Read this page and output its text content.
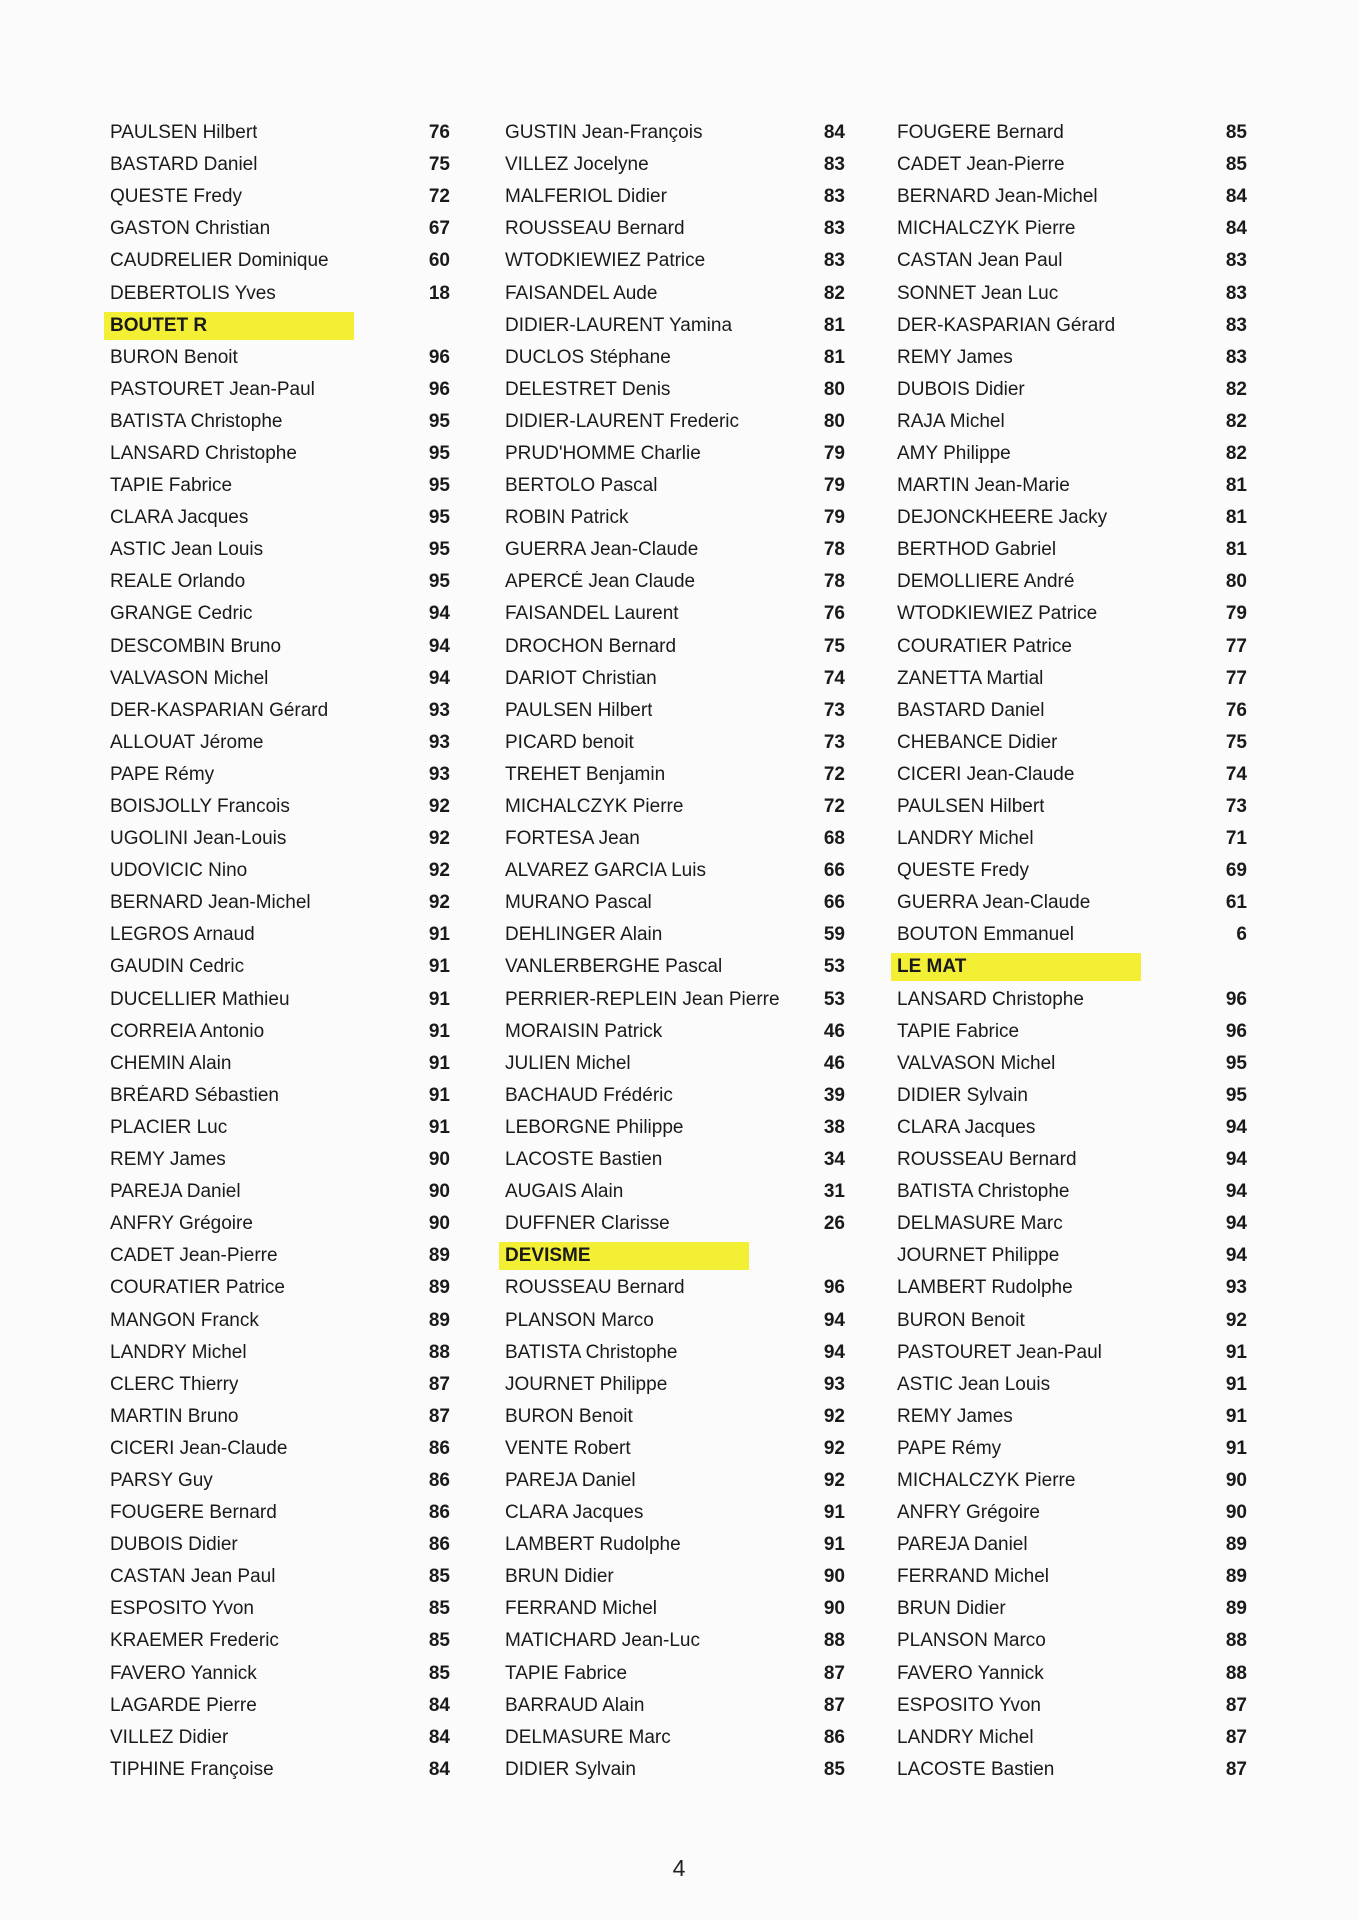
PAULSEN Hilbert	76
BASTARD Daniel	75
QUESTE Fredy	72
GASTON Christian	67
CAUDRELIER Dominique	60
DEBERTOLIS Yves	18
BOUTET R
BURON Benoit	96
PASTOURET Jean-Paul	96
BATISTA Christophe	95
LANSARD Christophe	95
TAPIE Fabrice	95
CLARA Jacques	95
ASTIC Jean Louis	95
REALE Orlando	95
GRANGE Cedric	94
DESCOMBIN Bruno	94
VALVASON Michel	94
DER-KASPARIAN Gérard	93
ALLOUAT Jérome	93
PAPE Rémy	93
BOISJOLLY Francois	92
UGOLINI Jean-Louis	92
UDOVICIC Nino	92
BERNARD Jean-Michel	92
LEGROS Arnaud	91
GAUDIN Cedric	91
DUCELLIER Mathieu	91
CORREIA Antonio	91
CHEMIN Alain	91
BRÉARD Sébastien	91
PLACIER Luc	91
REMY James	90
PAREJA Daniel	90
ANFRY Grégoire	90
CADET Jean-Pierre	89
COURATIER Patrice	89
MANGON Franck	89
LANDRY Michel	88
CLERC Thierry	87
MARTIN Bruno	87
CICERI Jean-Claude	86
PARSY Guy	86
FOUGERE Bernard	86
DUBOIS Didier	86
CASTAN Jean Paul	85
ESPOSITO Yvon	85
KRAEMER Frederic	85
FAVERO Yannick	85
LAGARDE Pierre	84
VILLEZ Didier	84
TIPHINE Françoise	84
GUSTIN Jean-François	84
VILLEZ Jocelyne	83
MALFERIOL Didier	83
ROUSSEAU Bernard	83
WTODKIEWIEZ Patrice	83
FAISANDEL Aude	82
DIDIER-LAURENT Yamina	81
DUCLOS Stéphane	81
DELESTRET Denis	80
DIDIER-LAURENT Frederic	80
PRUD'HOMME Charlie	79
BERTOLO Pascal	79
ROBIN Patrick	79
GUERRA Jean-Claude	78
APERCÉ Jean Claude	78
FAISANDEL Laurent	76
DROCHON Bernard	75
DARIOT Christian	74
PAULSEN Hilbert	73
PICARD benoit	73
TREHET Benjamin	72
MICHALCZYK Pierre	72
FORTESA Jean	68
ALVAREZ GARCIA Luis	66
MURANO Pascal	66
DEHLINGER Alain	59
VANLERBERGHE Pascal	53
PERRIER-REPLEIN Jean Pierre	53
MORAISIN Patrick	46
JULIEN Michel	46
BACHAUD Frédéric	39
LEBORGNE Philippe	38
LACOSTE Bastien	34
AUGAIS Alain	31
DUFFNER Clarisse	26
DEVISME
ROUSSEAU Bernard	96
PLANSON Marco	94
BATISTA Christophe	94
JOURNET Philippe	93
BURON Benoit	92
VENTE Robert	92
PAREJA Daniel	92
CLARA Jacques	91
LAMBERT Rudolphe	91
BRUN Didier	90
FERRAND Michel	90
MATICHARD Jean-Luc	88
TAPIE Fabrice	87
BARRAUD Alain	87
DELMASURE Marc	86
DIDIER Sylvain	85
FOUGERE Bernard	85
CADET Jean-Pierre	85
BERNARD Jean-Michel	84
MICHALCZYK Pierre	84
CASTAN Jean Paul	83
SONNET Jean Luc	83
DER-KASPARIAN Gérard	83
REMY James	83
DUBOIS Didier	82
RAJA Michel	82
AMY Philippe	82
MARTIN Jean-Marie	81
DEJONCKHEERE Jacky	81
BERTHOD Gabriel	81
DEMOLLIERE André	80
WTODKIEWIEZ Patrice	79
COURATIER Patrice	77
ZANETTA Martial	77
BASTARD Daniel	76
CHEBANCE Didier	75
CICERI Jean-Claude	74
PAULSEN Hilbert	73
LANDRY Michel	71
QUESTE Fredy	69
GUERRA Jean-Claude	61
BOUTON Emmanuel	6
LE MAT
LANSARD Christophe	96
TAPIE Fabrice	96
VALVASON Michel	95
DIDIER Sylvain	95
CLARA Jacques	94
ROUSSEAU Bernard	94
BATISTA Christophe	94
DELMASURE Marc	94
JOURNET Philippe	94
LAMBERT Rudolphe	93
BURON Benoit	92
PASTOURET Jean-Paul	91
ASTIC Jean Louis	91
REMY James	91
PAPE Rémy	91
MICHALCZYK Pierre	90
ANFRY Grégoire	90
PAREJA Daniel	89
FERRAND Michel	89
BRUN Didier	89
PLANSON Marco	88
FAVERO Yannick	88
ESPOSITO Yvon	87
LANDRY Michel	87
LACOSTE Bastien	87
4
